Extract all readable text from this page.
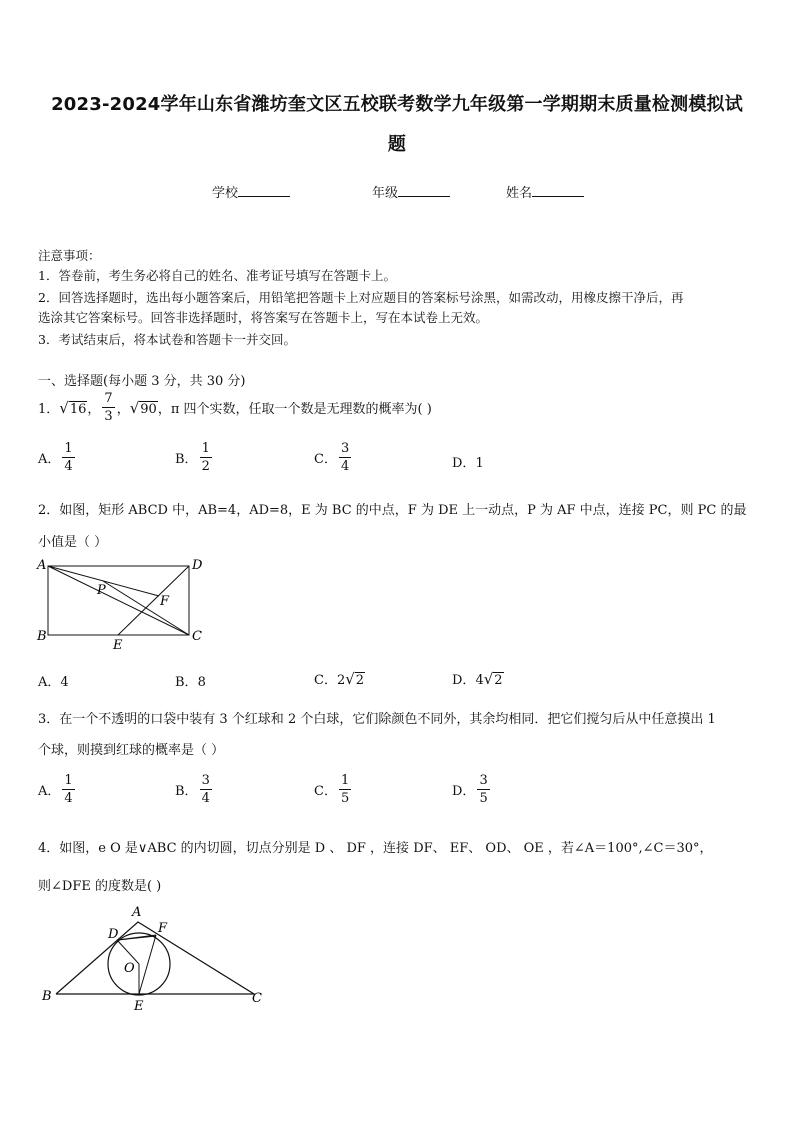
2023-2024学年山东省潍坊奎文区五校联考数学九年级第一学期期末质量检测模拟试
题
学校	年级	姓名
注意事项：
1．答卷前，考生务必将自己的姓名、准考证号填写在答题卡上。
2．回答选择题时，选出每小题答案后，用铅笔把答题卡上对应题目的答案标号涂黑，如需改动，用橡皮擦干净后，再
选涂其它答案标号。回答非选择题时，将答案写在答题卡上，写在本试卷上无效。
3．考试结束后，将本试卷和答题卡一并交回。
一、选择题(每小题 3 分，共 30 分)
1． √16 ， $\frac{7}{3}$ ， √90 ，π 四个实数，任取一个数是无理数的概率为( )
A． $\frac{1}{4}$	B． $\frac{1}{2}$	C． $\frac{3}{4}$	D．1
2．如图，矩形 ABCD 中，AB=4，AD=8，E 为 BC 的中点，F 为 DE 上一动点，P 为 AF 中点，连接 PC，则 PC 的最
小值是（ ）
A	D
B	C
E
F
P
A．4	B．8	C．2√2	D．4√2
3．在一个不透明的口袋中装有 3 个红球和 2 个白球，它们除颜色不同外，其余均相同．把它们搅匀后从中任意摸出 1
个球，则摸到红球的概率是（ ）
A． $\frac{1}{4}$	B． $\frac{3}{4}$	C． $\frac{1}{5}$	D． $\frac{3}{5}$
4．如图，e O 是∨ABC 的内切圆，切点分别是 D 、 DF ，连接 DF、 EF、 OD、 OE ，若∠A＝100°,∠C＝30°，
则∠DFE 的度数是( )
A
B	C
D
E
F
O
